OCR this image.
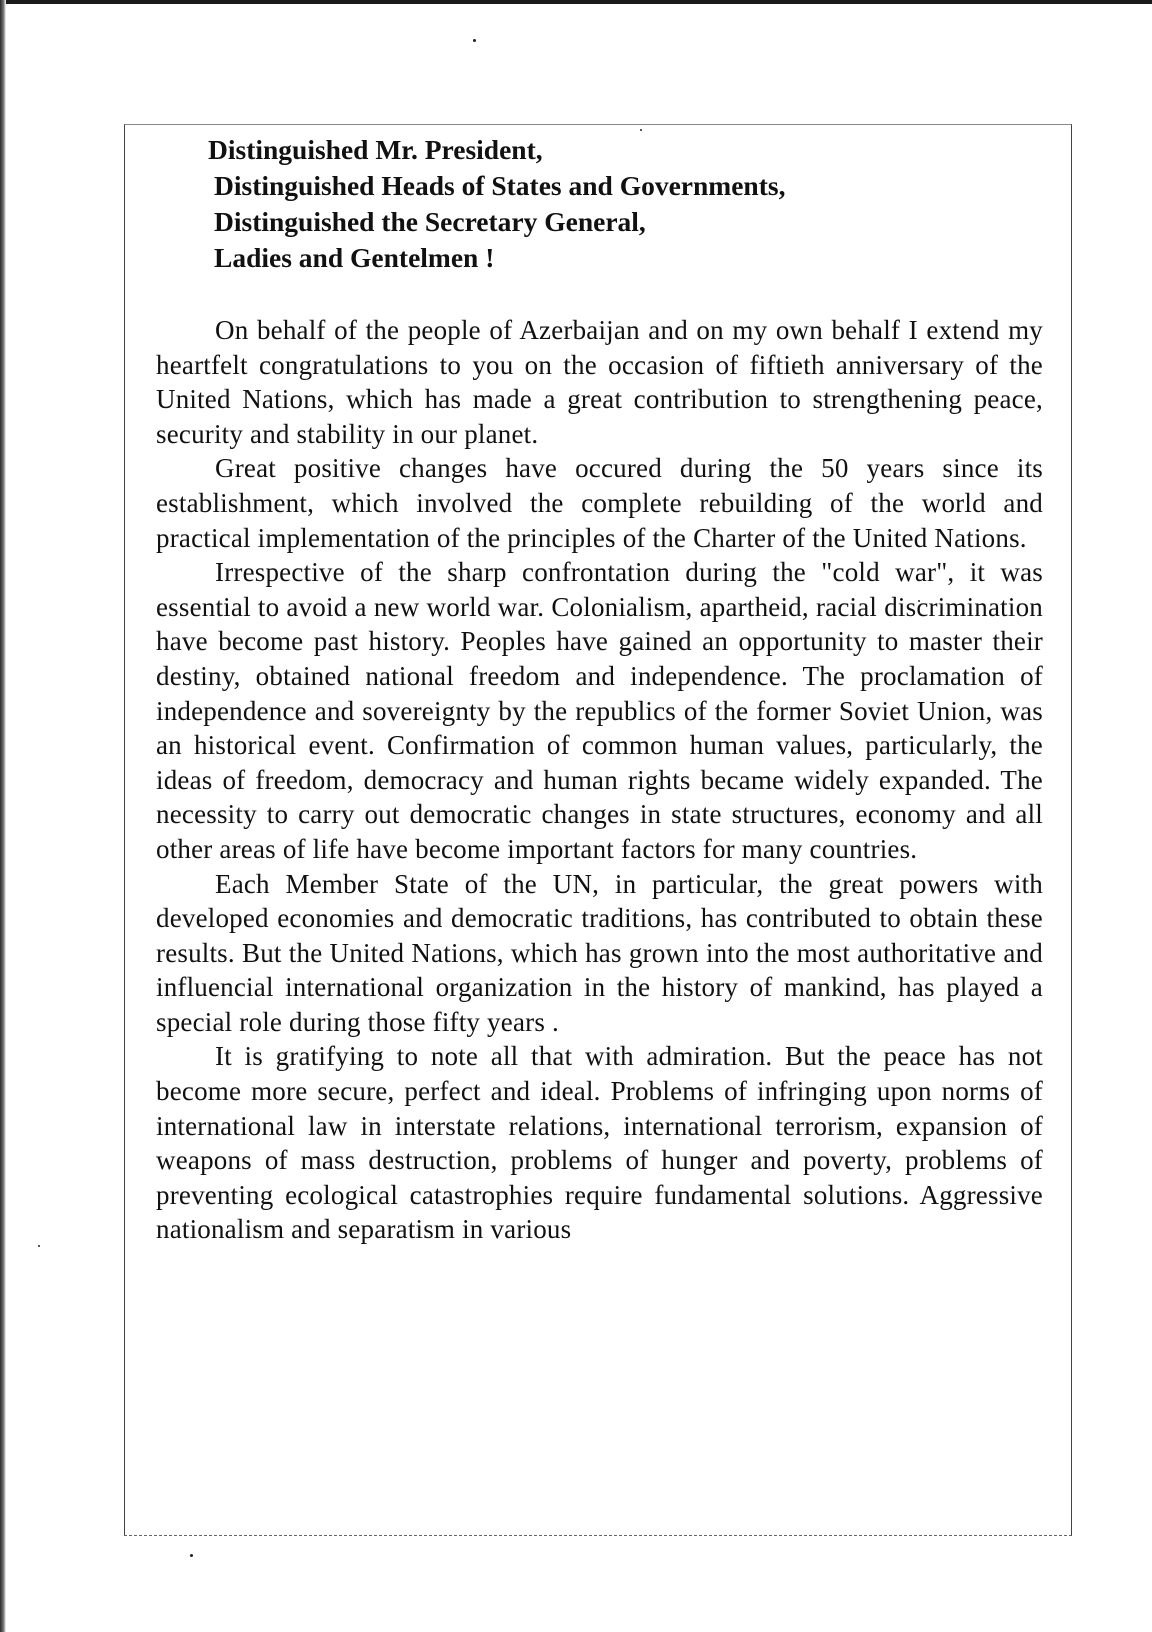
Distinguished Mr. President,
Distinguished Heads of States and Governments,
Distinguished the Secretary General,
Ladies and Gentelmen !

On behalf of the people of Azerbaijan and on my own behalf I extend my heartfelt congratulations to you on the occasion of fiftieth anniversary of the United Nations, which has made a great contribution to strengthening peace, security and stability in our planet.

Great positive changes have occured during the 50 years since its establishment, which involved the complete rebuilding of the world and practical implementation of the principles of the Charter of the United Nations.

Irrespective of the sharp confrontation during the "cold war", it was essential to avoid a new world war. Colonialism, apartheid, racial discrimination have become past history. Peoples have gained an opportunity to master their destiny, obtained national freedom and independence. The proclamation of independence and sovereignty by the republics of the former Soviet Union, was an historical event. Confirmation of common human values, particularly, the ideas of freedom, democracy and human rights became widely expanded. The necessity to carry out democratic changes in state structures, economy and all other areas of life have become important factors for many countries.

Each Member State of the UN, in particular, the great powers with developed economies and democratic traditions, has contributed to obtain these results. But the United Nations, which has grown into the most authoritative and influencial international organization in the history of mankind, has played a special role during those fifty years .

It is gratifying to note all that with admiration. But the peace has not become more secure, perfect and ideal. Problems of infringing upon norms of international law in interstate relations, international terrorism, expansion of weapons of mass destruction, problems of hunger and poverty, problems of preventing ecological catastrophies require fundamental solutions. Aggressive nationalism and separatism in various
